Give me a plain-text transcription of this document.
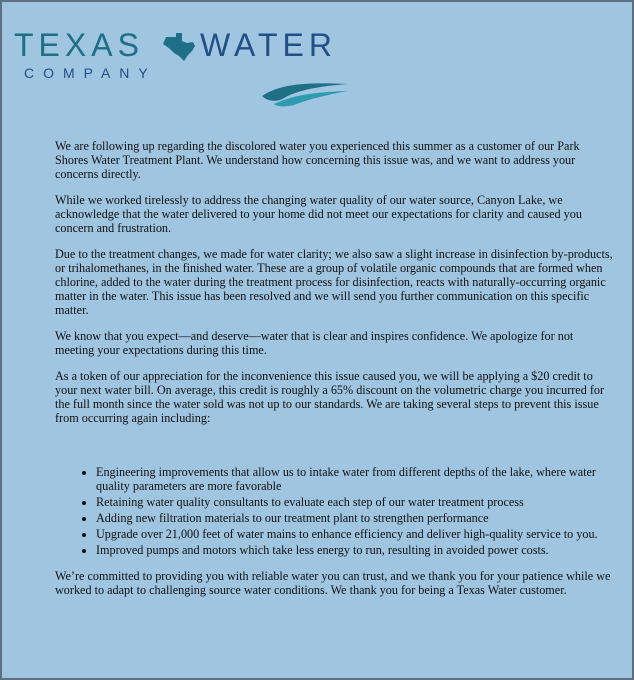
TEXAS WATER
COMPANY

We are following up regarding the discolored water you experienced this summer as a customer of our Park Shores Water Treatment Plant. We understand how concerning this issue was, and we want to address your concerns directly.

While we worked tirelessly to address the changing water quality of our water source, Canyon Lake, we acknowledge that the water delivered to your home did not meet our expectations for clarity and caused you concern and frustration.

Due to the treatment changes, we made for water clarity; we also saw a slight increase in disinfection by-products, or trihalomethanes, in the finished water. These are a group of volatile organic compounds that are formed when chlorine, added to the water during the treatment process for disinfection, reacts with naturally-occurring organic matter in the water. This issue has been resolved and we will send you further communication on this specific matter.

We know that you expect—and deserve—water that is clear and inspires confidence. We apologize for not meeting your expectations during this time.

As a token of our appreciation for the inconvenience this issue caused you, we will be applying a $20 credit to your next water bill. On average, this credit is roughly a 65% discount on the volumetric charge you incurred for the full month since the water sold was not up to our standards. We are taking several steps to prevent this issue from occurring again including:

• Engineering improvements that allow us to intake water from different depths of the lake, where water quality parameters are more favorable
• Retaining water quality consultants to evaluate each step of our water treatment process
• Adding new filtration materials to our treatment plant to strengthen performance
• Upgrade over 21,000 feet of water mains to enhance efficiency and deliver high-quality service to you.
• Improved pumps and motors which take less energy to run, resulting in avoided power costs.

We’re committed to providing you with reliable water you can trust, and we thank you for your patience while we worked to adapt to challenging source water conditions. We thank you for being a Texas Water customer.
